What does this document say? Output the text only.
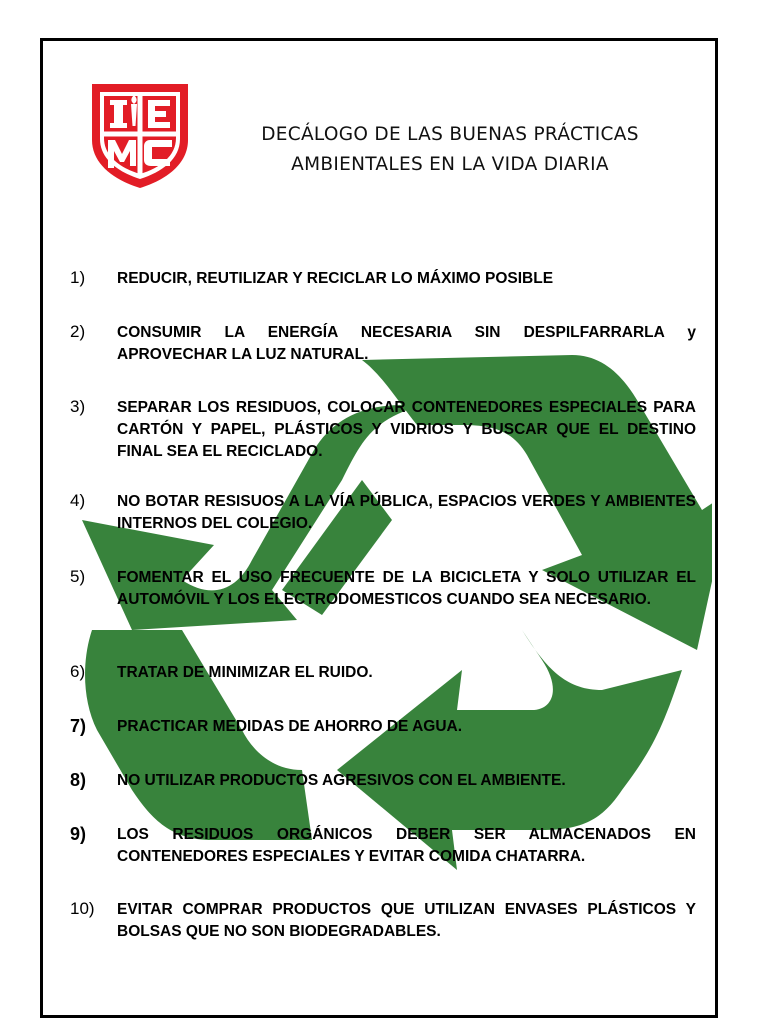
DECÁLOGO DE LAS BUENAS PRÁCTICAS
AMBIENTALES EN LA VIDA DIARIA
1)	REDUCIR, REUTILIZAR Y RECICLAR LO MÁXIMO POSIBLE
2)	CONSUMIR LA ENERGÍA NECESARIA SIN DESPILFARRARLA y APROVECHAR LA LUZ NATURAL.
3)	SEPARAR LOS RESIDUOS, COLOCAR CONTENEDORES ESPECIALES PARA CARTÓN Y PAPEL, PLÁSTICOS Y VIDRIOS Y BUSCAR QUE EL DESTINO FINAL SEA EL RECICLADO.
4)	NO BOTAR RESISUOS A LA VÍA PÚBLICA, ESPACIOS VERDES Y AMBIENTES INTERNOS DEL COLEGIO.
5)	FOMENTAR EL USO FRECUENTE DE LA BICICLETA Y SOLO UTILIZAR EL AUTOMÓVIL Y LOS ELECTRODOMESTICOS CUANDO SEA NECESARIO.
6)	TRATAR DE MINIMIZAR EL RUIDO.
7)	PRACTICAR MEDIDAS DE AHORRO DE AGUA.
8)	NO UTILIZAR PRODUCTOS AGRESIVOS CON EL AMBIENTE.
9)	LOS RESIDUOS ORGÁNICOS DEBER SER ALMACENADOS EN CONTENEDORES ESPECIALES Y EVITAR COMIDA CHATARRA.
10)	EVITAR COMPRAR PRODUCTOS QUE UTILIZAN ENVASES PLÁSTICOS Y BOLSAS QUE NO SON BIODEGRADABLES.
